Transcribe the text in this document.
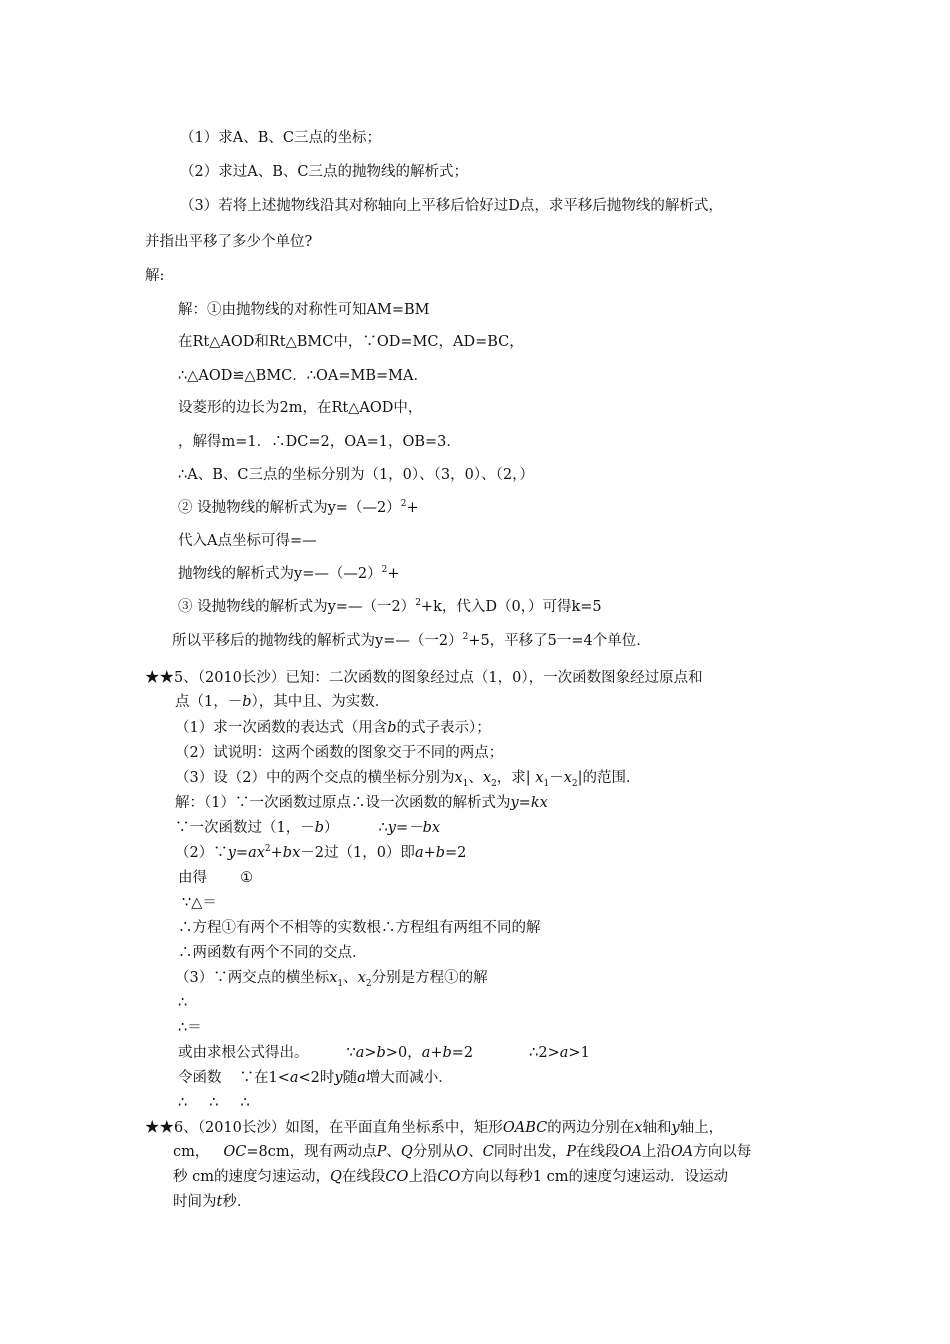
（1）求A、B、C三点的坐标；
（2）求过A、B、C三点的抛物线的解析式；
（3）若将上述抛物线沿其对称轴向上平移后恰好过D点，求平移后抛物线的解析式，
并指出平移了多少个单位?
解:
解：①由抛物线的对称性可知AM=BM
在Rt△AOD和Rt△BMC中，∵OD=MC，AD=BC，
∴△AOD≌△BMC．∴OA=MB=MA．
设菱形的边长为2m，在Rt△AOD中，
，解得m=1．∴DC=2，OA=1，OB=3．
∴A、B、C三点的坐标分别为（1，0）、（3，0）、（2，）
② 设抛物线的解析式为y=（—2）$^2$+
代入A点坐标可得=—
抛物线的解析式为y=—（—2）$^2$+
③ 设抛物线的解析式为y=—（一2）$^2$+k，代入D（0，）可得k=5
所以平移后的抛物线的解析式为y=—（一2）$^2$+5，平移了5一=4个单位．
★★5、（2010长沙）已知：二次函数的图象经过点（1，0），一次函数图象经过原点和
点（1，－b），其中且、为实数．
（1）求一次函数的表达式（用含b的式子表示）；
（2）试说明：这两个函数的图象交于不同的两点；
（3）设（2）中的两个交点的横坐标分别为$x_1$、$x_2$，求| $x_1-x_2|$的范围．
解：（1）∵一次函数过原点∴设一次函数的解析式为y=kx
∵一次函数过（1，－b）	∴y=－bx
$(2)\because y=ax^2+bx-2$过（1，0）即a+b=2
由得 ①
∵△＝
∴方程①有两个不相等的实数根∴方程组有两组不同的解
∴两函数有两个不同的交点．
（3）∵两交点的横坐标$x_1$、$x_2$分别是方程①的解
∴
∴＝
或由求根公式得出。	∵a>b>0，a+b=2	∴2>a>1
令函数 ∵在1<a<2时y随a增大而减小．
∴ ∴ ∴
★★6、（2010长沙）如图，在平面直角坐标系中，矩形OABC的两边分别在x轴和y轴上，
cm， OC=8cm，现有两动点P、Q分别从O、C同时出发，P在线段OA上沿OA方向以每
秒 cm的速度匀速运动，Q在线段CO上沿CO方向以每秒1 cm的速度匀速运动．设运动
时间为t秒．
